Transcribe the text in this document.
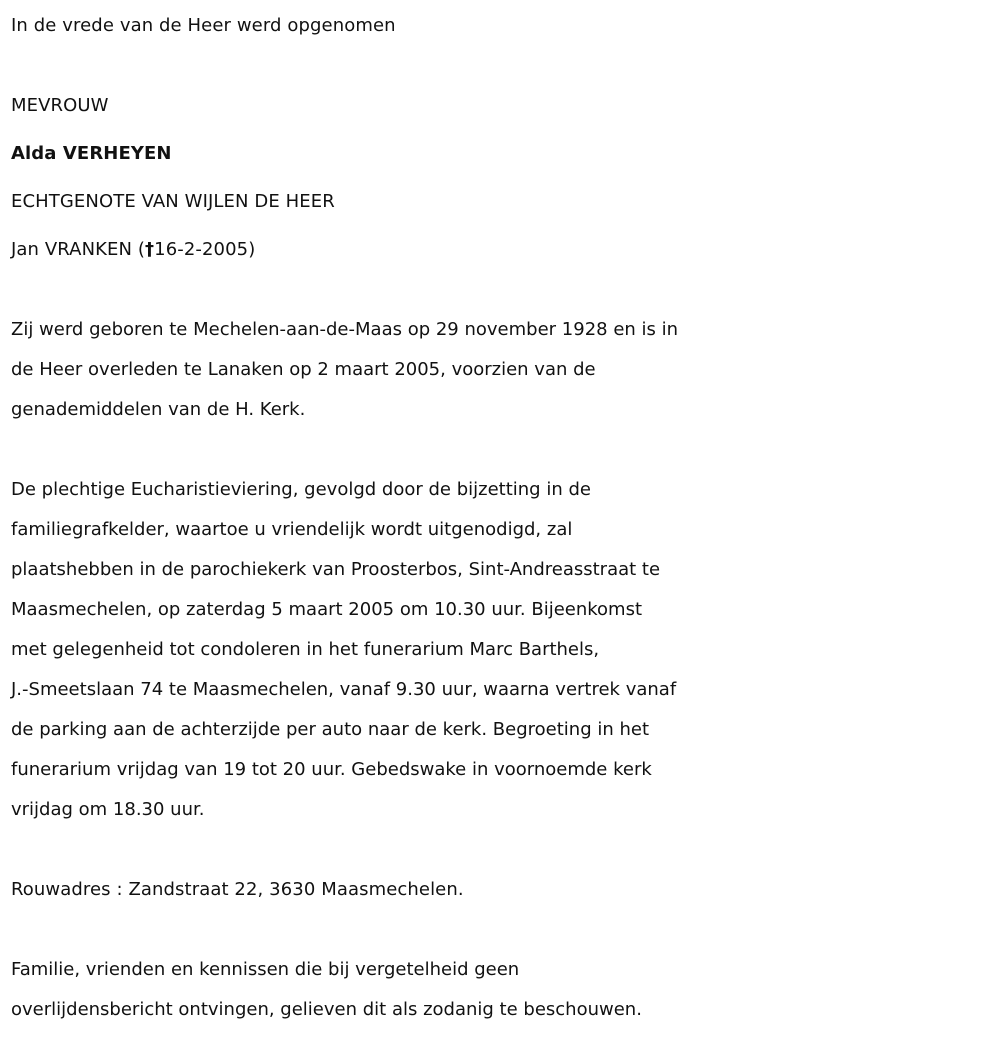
In de vrede van de Heer werd opgenomen
MEVROUW
Alda VERHEYEN
ECHTGENOTE VAN WIJLEN DE HEER
Jan VRANKEN (†16-2-2005)

Zij werd geboren te Mechelen-aan-de-Maas op 29 november 1928 en is in
de Heer overleden te Lanaken op 2 maart 2005, voorzien van de
genademiddelen van de H. Kerk.

De plechtige Eucharistieviering, gevolgd door de bijzetting in de
familiegrafkelder, waartoe u vriendelijk wordt uitgenodigd, zal
plaatshebben in de parochiekerk van Proosterbos, Sint-Andreasstraat te
Maasmechelen, op zaterdag 5 maart 2005 om 10.30 uur. Bijeenkomst
met gelegenheid tot condoleren in het funerarium Marc Barthels,
J.-Smeetslaan 74 te Maasmechelen, vanaf 9.30 uur, waarna vertrek vanaf
de parking aan de achterzijde per auto naar de kerk. Begroeting in het
funerarium vrijdag van 19 tot 20 uur. Gebedswake in voornoemde kerk
vrijdag om 18.30 uur.

Rouwadres : Zandstraat 22, 3630 Maasmechelen.

Familie, vrienden en kennissen die bij vergetelheid geen
overlijdensbericht ontvingen, gelieven dit als zodanig te beschouwen.
